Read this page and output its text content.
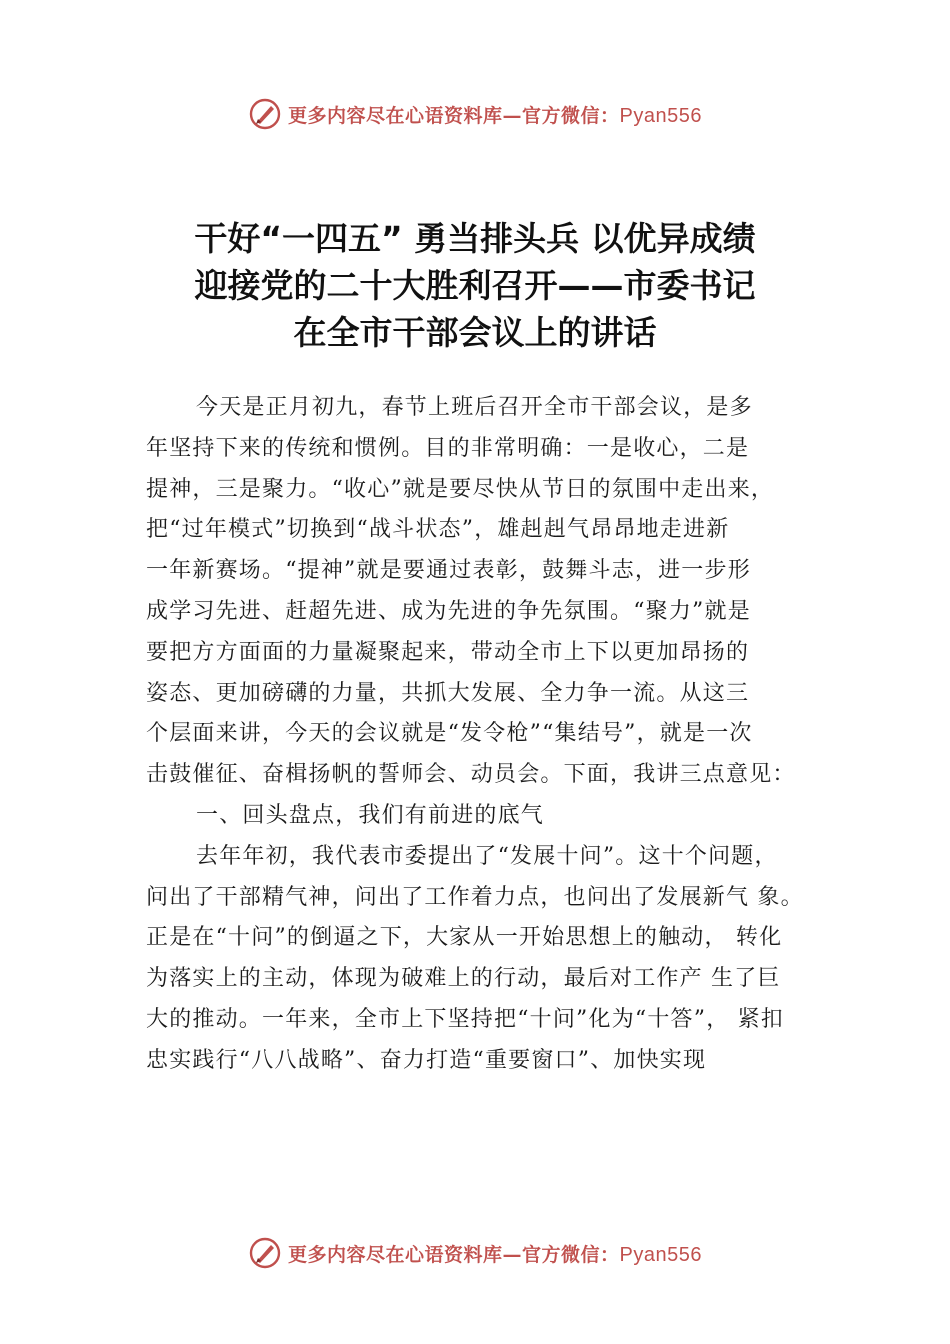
更多内容尽在心语资料库—官方微信：Pyan556
干好“一四五” 勇当排头兵 以优异成绩
迎接党的二十大胜利召开——市委书记
在全市干部会议上的讲话
今天是正月初九，春节上班后召开全市干部会议，是多
年坚持下来的传统和惯例。目的非常明确：一是收心，二是
提神，三是聚力。“收心”就是要尽快从节日的氛围中走出来，
把“过年模式”切换到“战斗状态”，雄赳赳气昂昂地走进新
一年新赛场。“提神”就是要通过表彰，鼓舞斗志，进一步形
成学习先进、赶超先进、成为先进的争先氛围。“聚力”就是
要把方方面面的力量凝聚起来，带动全市上下以更加昂扬的
姿态、更加磅礴的力量，共抓大发展、全力争一流。从这三
个层面来讲，今天的会议就是“发令枪”“集结号”，就是一次
击鼓催征、奋楫扬帆的誓师会、动员会。下面，我讲三点意见：
一、回头盘点，我们有前进的底气
去年年初，我代表市委提出了“发展十问”。这十个问题，
问出了干部精气神，问出了工作着力点，也问出了发展新气 象。
正是在“十问”的倒逼之下，大家从一开始思想上的触动， 转化
为落实上的主动，体现为破难上的行动，最后对工作产 生了巨
大的推动。一年来，全市上下坚持把“十问”化为“十答”， 紧扣
忠实践行“八八战略”、奋力打造“重要窗口”、加快实现
更多内容尽在心语资料库—官方微信：Pyan556
